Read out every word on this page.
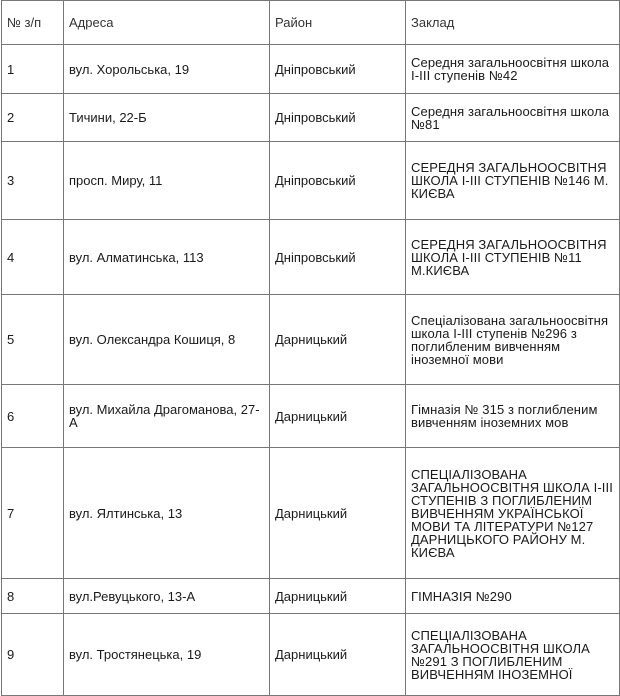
№ з/п	Адреса	Район	Заклад
1	вул. Хорольська, 19	Дніпровський	Середня загальноосвітня школа І-ІІІ ступенів №42
2	Тичини, 22-Б	Дніпровський	Середня загальноосвітня школа №81
3	просп. Миру, 11	Дніпровський	СЕРЕДНЯ ЗАГАЛЬНООСВІТНЯ ШКОЛА І-ІІІ СТУПЕНІВ №146 М. КИЄВА
4	вул. Алматинська, 113	Дніпровський	СЕРЕДНЯ ЗАГАЛЬНООСВІТНЯ ШКОЛА І-ІІІ СТУПЕНІВ №11 М.КИЄВА
5	вул. Олександра Кошиця, 8	Дарницький	Спеціалізована загальноосвітня школа І-ІІІ ступенів №296 з поглибленим вивченням іноземної мови
6	вул. Михайла Драгоманова, 27-А	Дарницький	Гімназія № 315 з поглибленим вивченням іноземних мов
7	вул. Ялтинська, 13	Дарницький	СПЕЦІАЛІЗОВАНА ЗАГАЛЬНООСВІТНЯ ШКОЛА І-ІІІ СТУПЕНІВ З ПОГЛИБЛЕНИМ ВИВЧЕННЯМ УКРАЇНСЬКОЇ МОВИ ТА ЛІТЕРАТУРИ №127 ДАРНИЦЬКОГО РАЙОНУ М. КИЄВА
8	вул.Ревуцького, 13-А	Дарницький	ГІМНАЗІЯ №290
9	вул. Тростянецька, 19	Дарницький	СПЕЦІАЛІЗОВАНА ЗАГАЛЬНООСВІТНЯ ШКОЛА №291 З ПОГЛИБЛЕНИМ ВИВЧЕННЯМ ІНОЗЕМНОЇ
